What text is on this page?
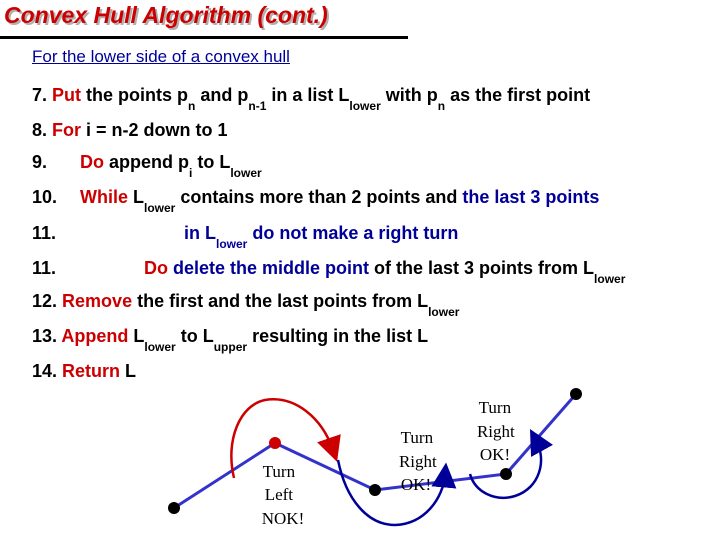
Convex Hull Algorithm (cont.)
For the lower side of a convex hull
7. Put the points $p_n$ and $p_{n-1}$ in a list $L_{lower}$ with $p_n$ as the first point
8. For i = n-2 down to 1
9. Do append $p_i$ to $L_{lower}$
10. While $L_{lower}$ contains more than 2 points and the last 3 points
11.	in $L_{lower}$ do not make a right turn
11.	Do delete the middle point of the last 3 points from $L_{lower}$
12. Remove the first and the last points from $L_{lower}$
13. Append $L_{lower}$ to $L_{upper}$ resulting in the list L
14. Return L
Turn Left NOK!
Turn Right OK!
Turn Right OK!
